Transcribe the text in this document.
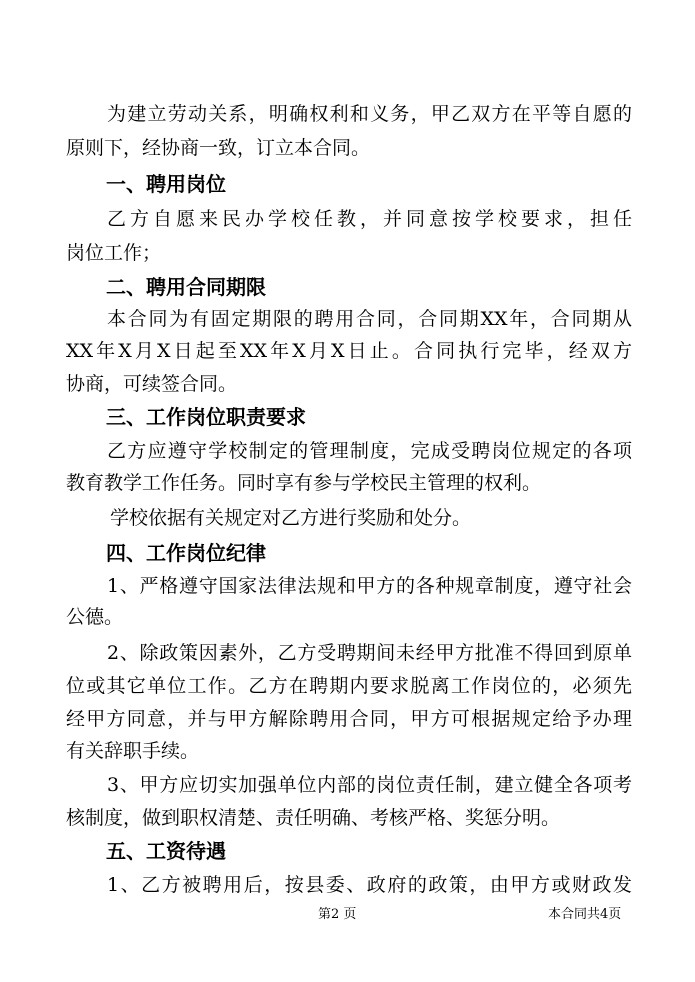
为建立劳动关系，明确权利和义务，甲乙双方在平等自愿的
原则下，经协商一致，订立本合同。
一、聘用岗位
乙方自愿来民办学校任教，并同意按学校要求，担任
岗位工作；
二、聘用合同期限
本合同为有固定期限的聘用合同，合同期XX年，合同期从
XX年X月X日起至XX年X月X日止。合同执行完毕，经双方
协商，可续签合同。
三、工作岗位职责要求
乙方应遵守学校制定的管理制度，完成受聘岗位规定的各项
教育教学工作任务。同时享有参与学校民主管理的权利。
学校依据有关规定对乙方进行奖励和处分。
四、工作岗位纪律
1、严格遵守国家法律法规和甲方的各种规章制度，遵守社会
公德。
2、除政策因素外，乙方受聘期间未经甲方批准不得回到原单
位或其它单位工作。乙方在聘期内要求脱离工作岗位的，必须先
经甲方同意，并与甲方解除聘用合同，甲方可根据规定给予办理
有关辞职手续。
3、甲方应切实加强单位内部的岗位责任制，建立健全各项考
核制度，做到职权清楚、责任明确、考核严格、奖惩分明。
五、工资待遇
1、乙方被聘用后，按县委、政府的政策，由甲方或财政发
第2 页	本合同共4页
